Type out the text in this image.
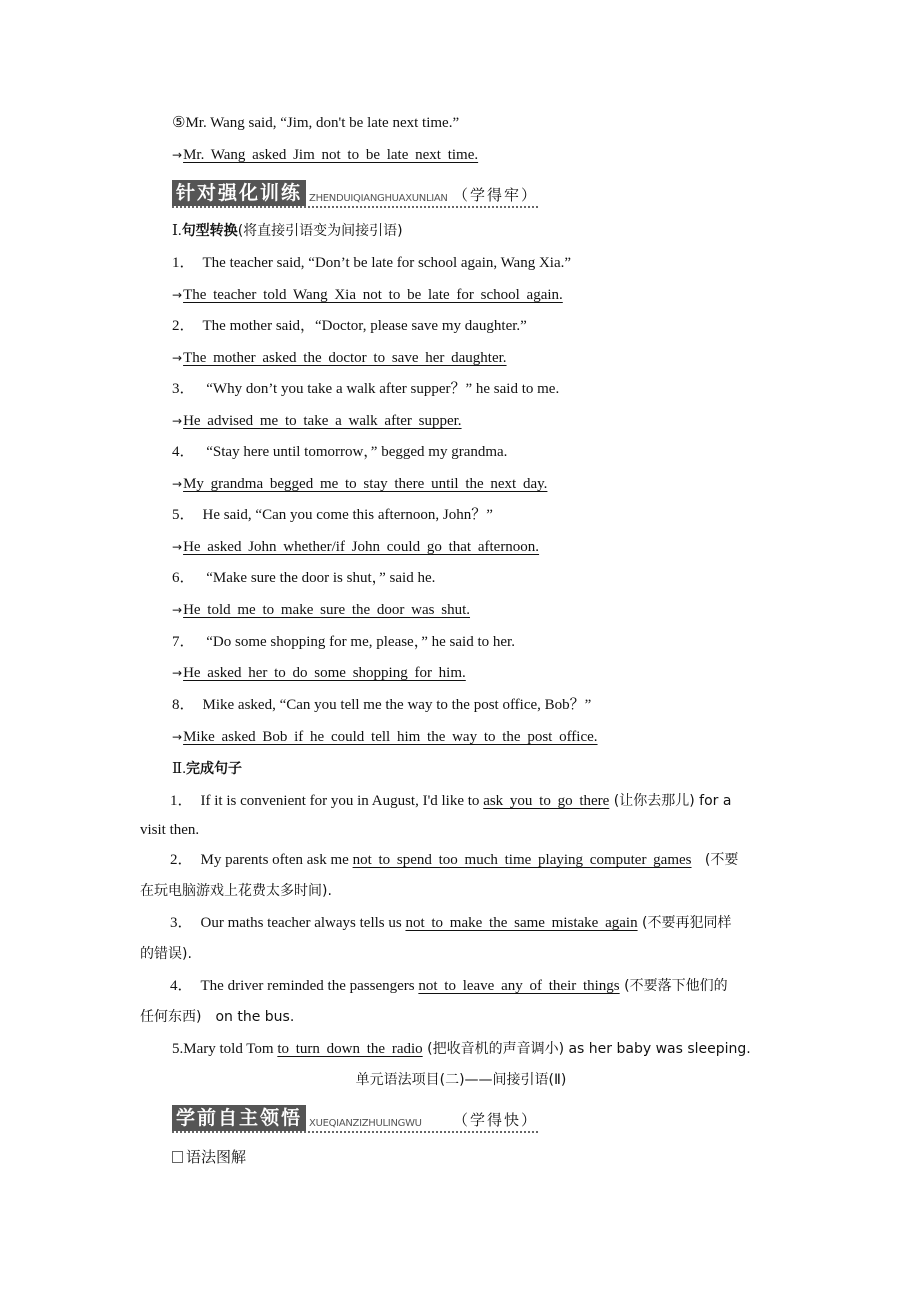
⑤Mr. Wang said, “Jim, don't be late next time.”
→Mr. Wang asked Jim not to be late next time.
针对强化训练 ZHENDUIQIANGHUAXUNLIAN （学得牢）
Ⅰ.句型转换(将直接引语变为间接引语)
1． The teacher said, “Don’t be late for school again, Wang Xia.”
→The teacher told Wang Xia not to be late for school again.
2． The mother said，“Doctor, please save my daughter.”
→The mother asked the doctor to save her daughter.
3． “Why don’t you take a walk after supper？” he said to me.
→He advised me to take a walk after supper.
4． “Stay here until tomorrow，” begged my grandma.
→My grandma begged me to stay there until the next day.
5． He said, “Can you come this afternoon, John？”
→He asked John whether/if John could go that afternoon.
6． “Make sure the door is shut，” said he.
→He told me to make sure the door was shut.
7． “Do some shopping for me, please，” he said to her.
→He asked her to do some shopping for him.
8． Mike asked, “Can you tell me the way to the post office, Bob？”
→Mike asked Bob if he could tell him the way to the post office.
Ⅱ.完成句子
1． If it is convenient for you in August, I'd like to ask you to go there (让你去那儿) for a
visit then.
2． My parents often ask me not to spend too much time playing computer games   (不要
在玩电脑游戏上花费太多时间).
3． Our maths teacher always tells us not to make the same mistake again (不要再犯同样
的错误).
4． The driver reminded the passengers not to leave any of their things (不要落下他们的
任何东西)　on the bus.
5.Mary told Tom to turn down the radio (把收音机的声音调小) as her baby was sleeping.
单元语法项目(二)——间接引语(Ⅱ)
学前自主领悟 XUEQIANZIZHULINGWU （学得快）
语法图解
